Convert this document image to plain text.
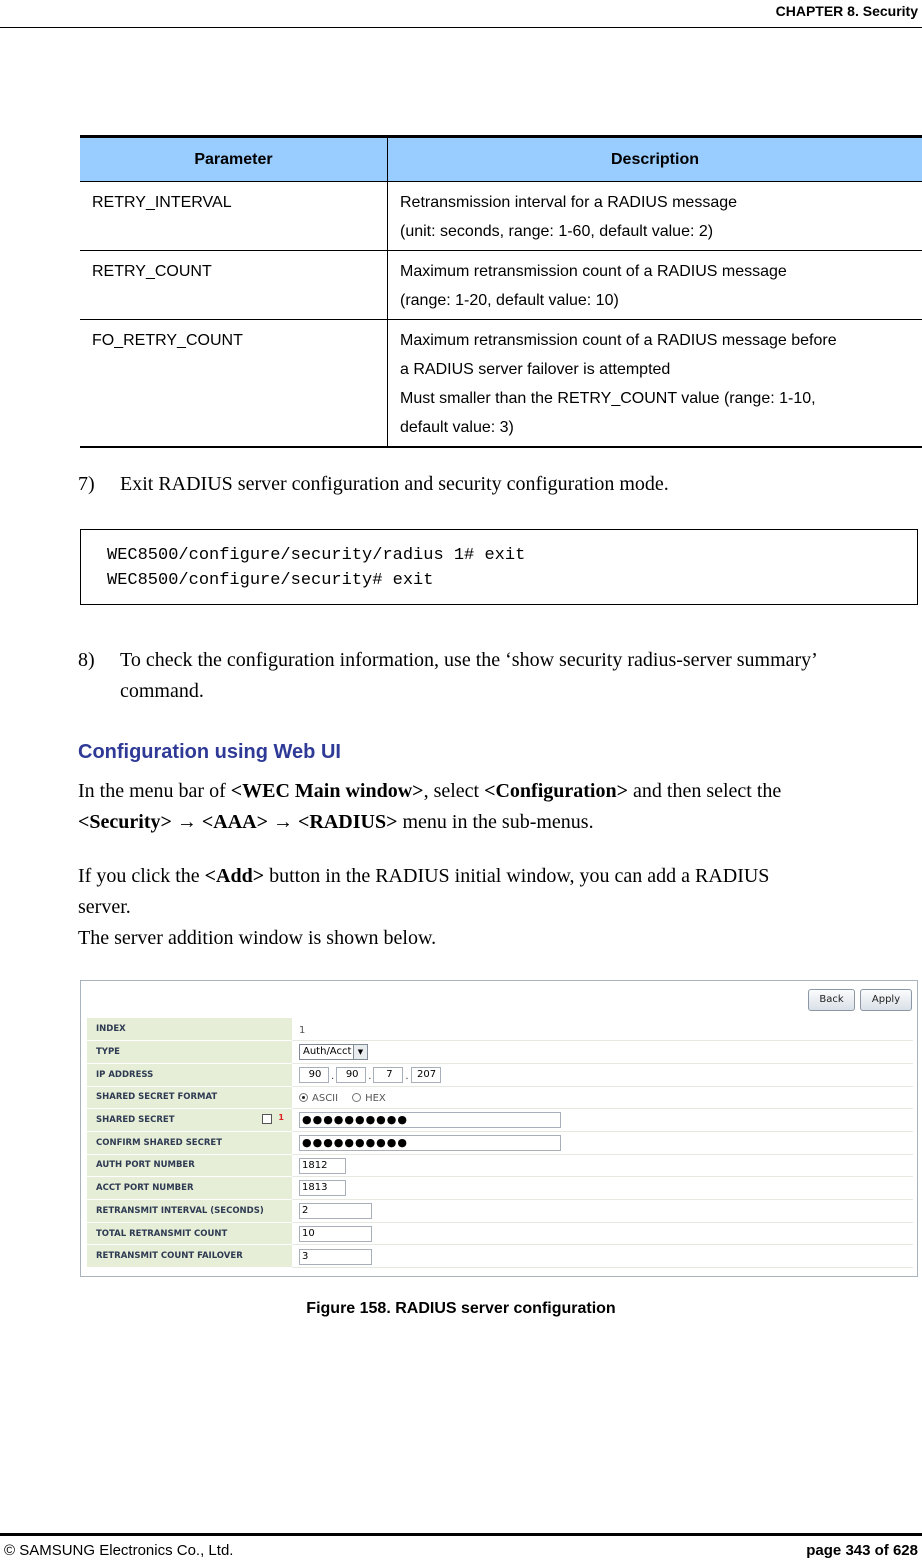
CHAPTER 8. Security
Parameter	Description
RETRY_INTERVAL	Retransmission interval for a RADIUS message
(unit: seconds, range: 1-60, default value: 2)

RETRY_COUNT	Maximum retransmission count of a RADIUS message
(range: 1-20, default value: 10)

FO_RETRY_COUNT	Maximum retransmission count of a RADIUS message before
a RADIUS server failover is attempted
Must smaller than the RETRY_COUNT value (range: 1-10,
default value: 3)
7) Exit RADIUS server configuration and security configuration mode.
WEC8500/configure/security/radius 1# exit
WEC8500/configure/security# exit
8) To check the configuration information, use the ‘show security radius-server summary’
command.
Configuration using Web UI
In the menu bar of <WEC Main window>, select <Configuration> and then select the
<Security> → <AAA> → <RADIUS> menu in the sub-menus.
If you click the <Add> button in the RADIUS initial window, you can add a RADIUS
server.
The server addition window is shown below.
Back	Apply
INDEX	1
TYPE	Auth/Acct ▼

IP ADDRESS	90 . 90 . 7 . 207
SHARED SECRET FORMAT	ASCII HEX
SHARED SECRET 1	●●●●●●●●●●
CONFIRM SHARED SECRET	●●●●●●●●●●
AUTH PORT NUMBER	1812
ACCT PORT NUMBER	1813
RETRANSMIT INTERVAL (SECONDS)	2
TOTAL RETRANSMIT COUNT	10
RETRANSMIT COUNT FAILOVER	3
Figure 158. RADIUS server configuration
© SAMSUNG Electronics Co., Ltd.	page 343 of 628
